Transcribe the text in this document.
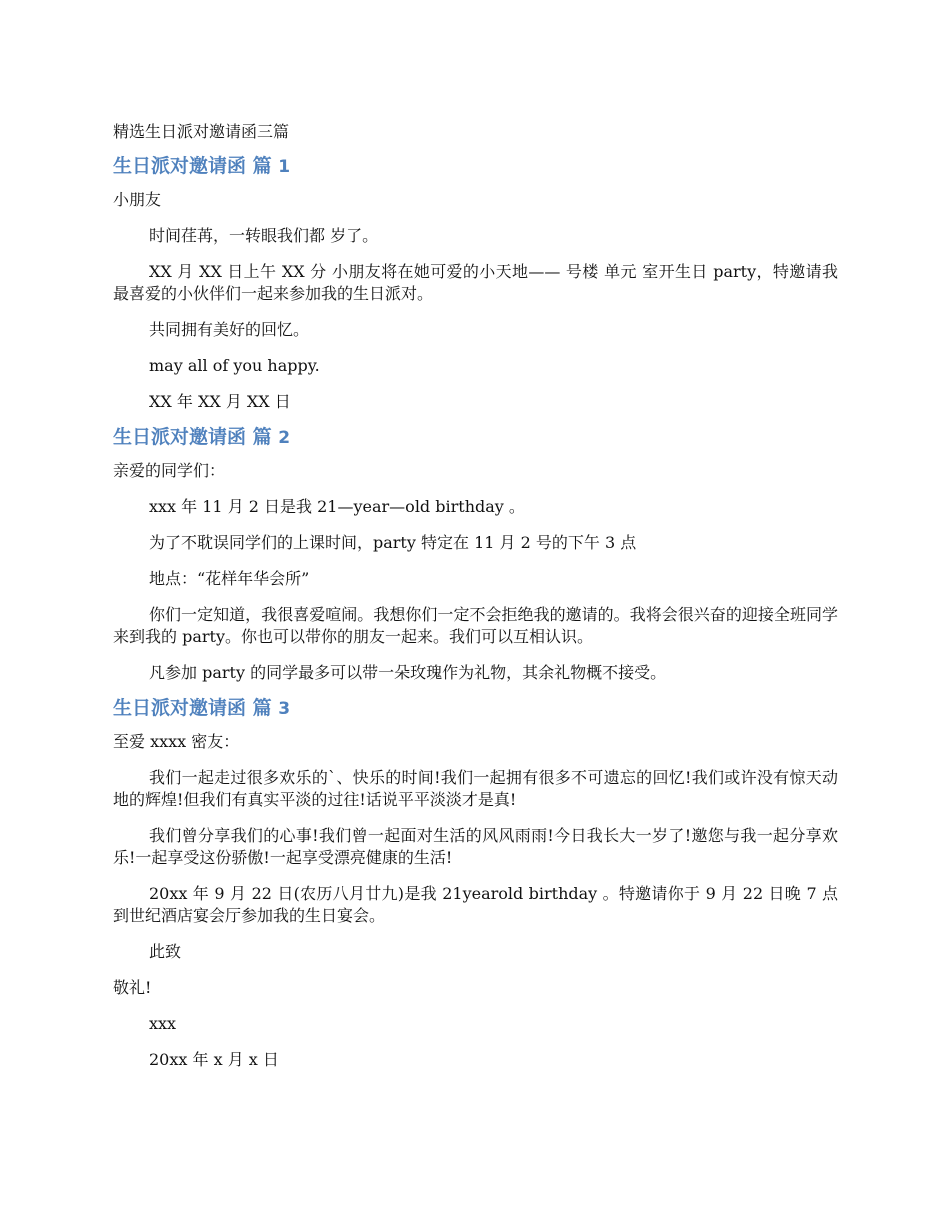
精选生日派对邀请函三篇
生日派对邀请函 篇 1

小朋友

时间荏苒，一转眼我们都 岁了。

XX 月 XX 日上午 XX 分 小朋友将在她可爱的小天地—— 号楼 单元 室开生日 party，特邀请我最喜爱的小伙伴们一起来参加我的生日派对。

共同拥有美好的回忆。

may all of you happy.

XX 年 XX 月 XX 日

生日派对邀请函 篇 2

亲爱的同学们：

xxx 年 11 月 2 日是我 21—year—old birthday 。

为了不耽误同学们的上课时间，party 特定在 11 月 2 号的下午 3 点

地点：“花样年华会所”

你们一定知道，我很喜爱喧闹。我想你们一定不会拒绝我的邀请的。我将会很兴奋的迎接全班同学来到我的 party。你也可以带你的朋友一起来。我们可以互相认识。

凡参加 party 的同学最多可以带一朵玫瑰作为礼物，其余礼物概不接受。

生日派对邀请函 篇 3

至爱 xxxx 密友：

我们一起走过很多欢乐的`、快乐的时间!我们一起拥有很多不可遗忘的回忆!我们或许没有惊天动地的辉煌!但我们有真实平淡的过往!话说平平淡淡才是真!

我们曾分享我们的心事!我们曾一起面对生活的风风雨雨!今日我长大一岁了!邀您与我一起分享欢乐!一起享受这份骄傲!一起享受漂亮健康的生活!

20xx 年 9 月 22 日(农历八月廿九)是我 21yearold birthday 。特邀请你于 9 月 22 日晚 7 点到世纪酒店宴会厅参加我的生日宴会。

此致

敬礼!

xxx

20xx 年 x 月 x 日
